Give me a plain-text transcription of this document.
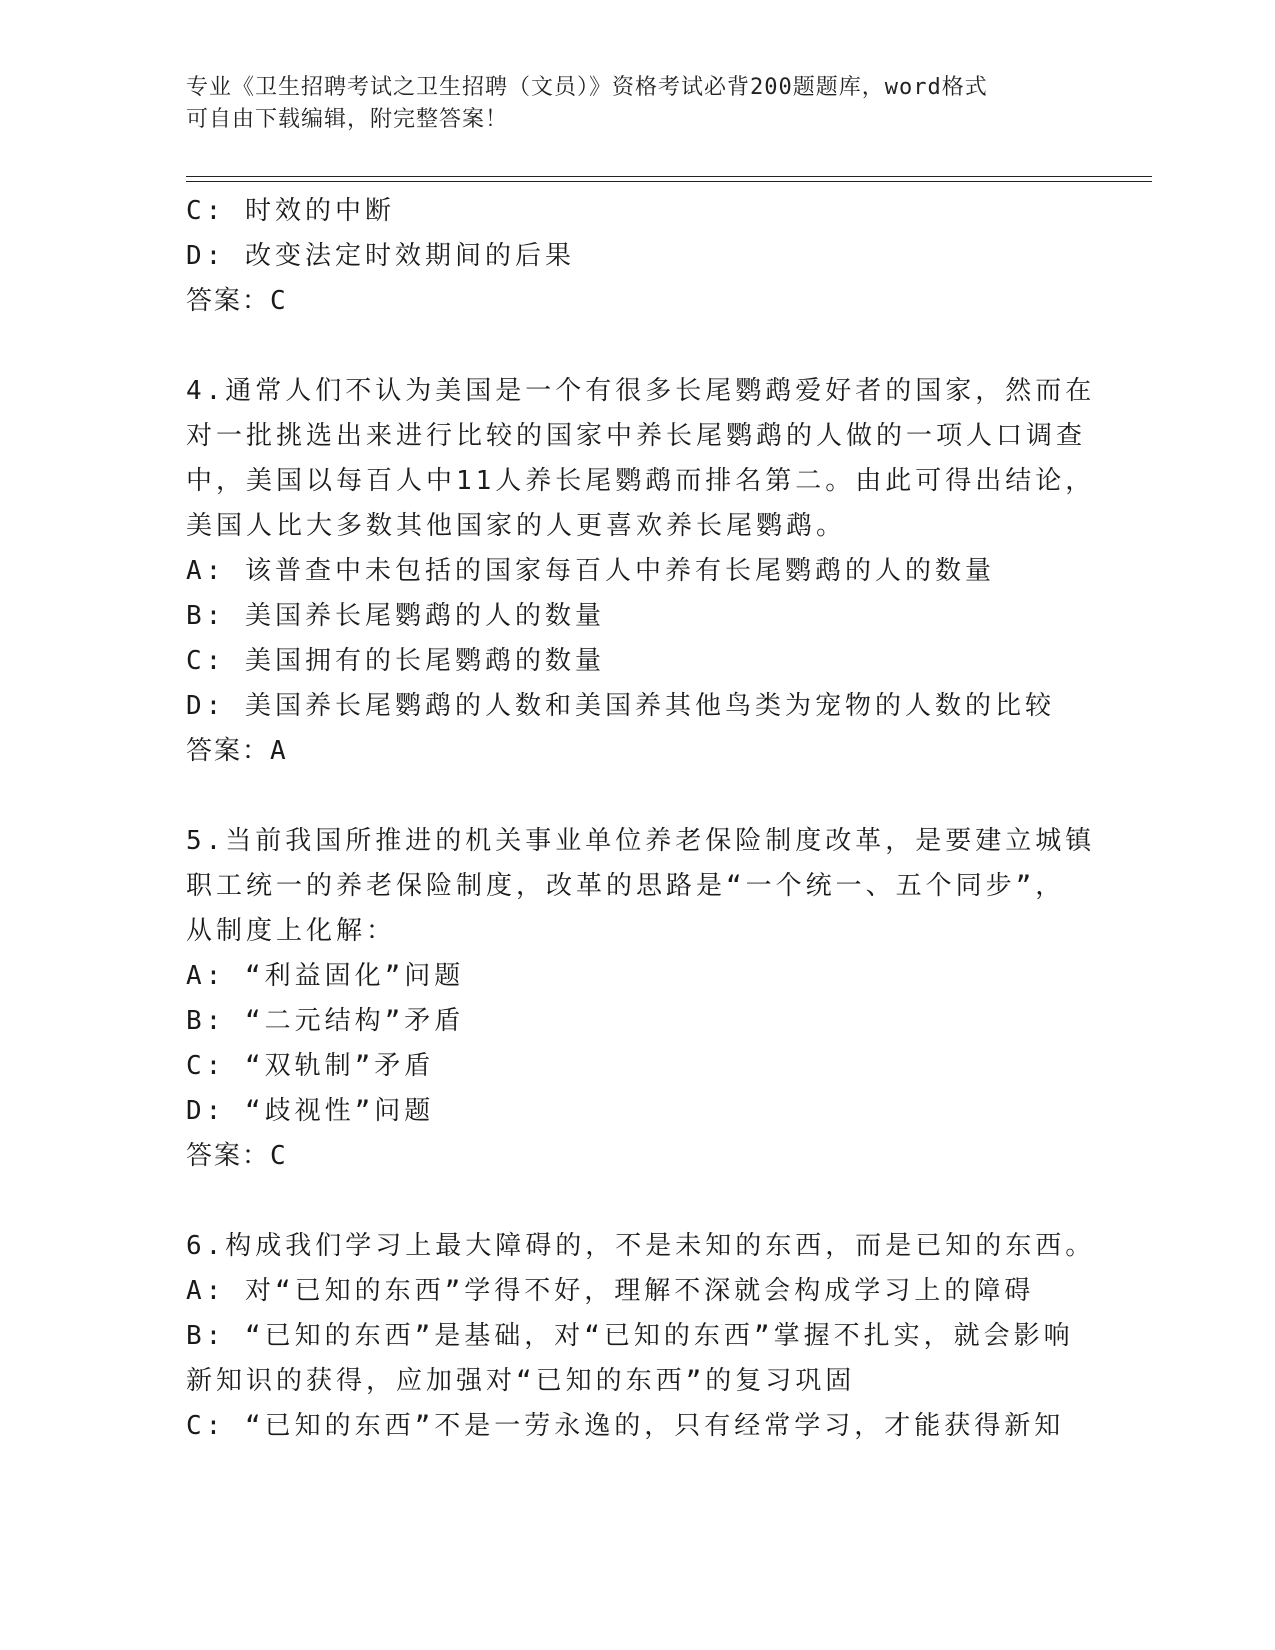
专业《卫生招聘考试之卫生招聘（文员）》资格考试必背200题题库，word格式
可自由下载编辑，附完整答案！
C: 时效的中断
D: 改变法定时效期间的后果
答案：C
4.通常人们不认为美国是一个有很多长尾鹦鹉爱好者的国家，然而在
对一批挑选出来进行比较的国家中养长尾鹦鹉的人做的一项人口调查
中，美国以每百人中11人养长尾鹦鹉而排名第二。由此可得出结论，
美国人比大多数其他国家的人更喜欢养长尾鹦鹉。
A: 该普查中未包括的国家每百人中养有长尾鹦鹉的人的数量
B: 美国养长尾鹦鹉的人的数量
C: 美国拥有的长尾鹦鹉的数量
D: 美国养长尾鹦鹉的人数和美国养其他鸟类为宠物的人数的比较
答案：A
5.当前我国所推进的机关事业单位养老保险制度改革，是要建立城镇
职工统一的养老保险制度，改革的思路是“一个统一、五个同步”，
从制度上化解：
A: “利益固化”问题
B: “二元结构”矛盾
C: “双轨制”矛盾
D: “歧视性”问题
答案：C
6.构成我们学习上最大障碍的，不是未知的东西，而是已知的东西。
A: 对“已知的东西”学得不好，理解不深就会构成学习上的障碍
B: “已知的东西”是基础，对“已知的东西”掌握不扎实，就会影响
新知识的获得，应加强对“已知的东西”的复习巩固
C: “已知的东西”不是一劳永逸的，只有经常学习，才能获得新知
